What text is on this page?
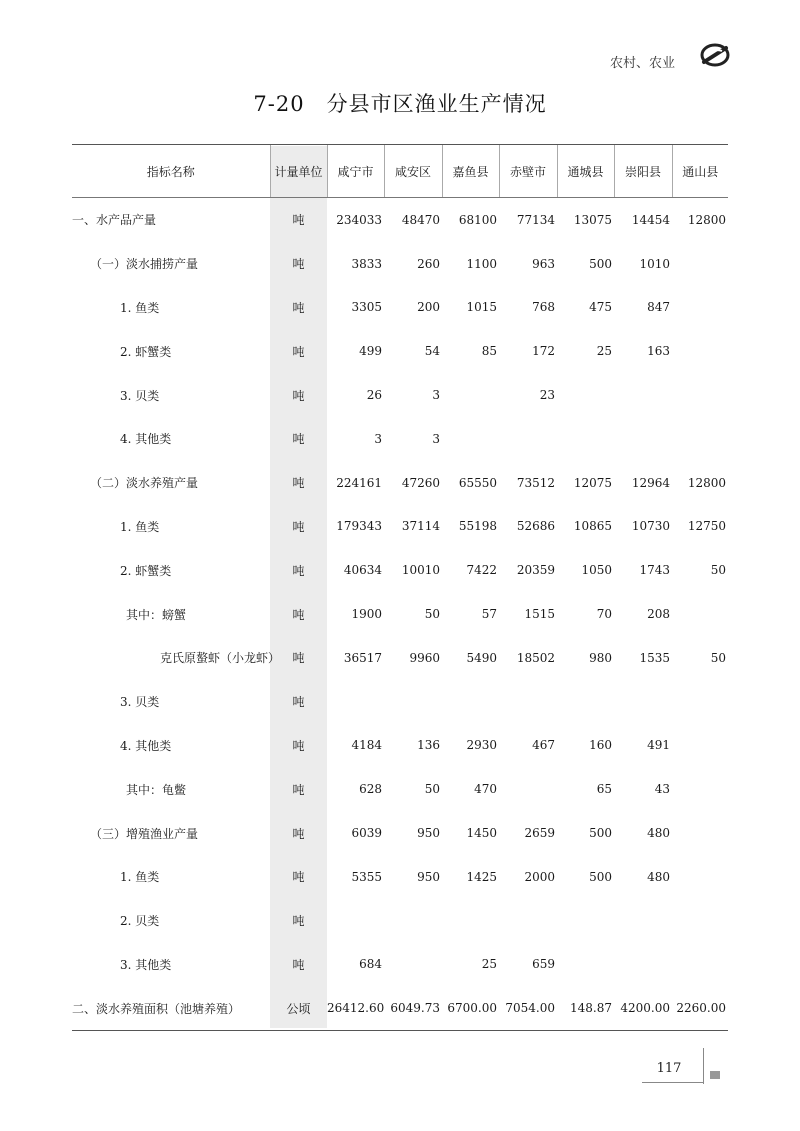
农村、农业
7-20　分县市区渔业生产情况
指标名称	计量单位	咸宁市	咸安区	嘉鱼县	赤壁市	通城县	崇阳县	通山县
一、水产品产量	吨	234033	48470	68100	77134	13075	14454	12800
（一）淡水捕捞产量	吨	3833	260	1100	963	500	1010	
1. 鱼类	吨	3305	200	1015	768	475	847	
2. 虾蟹类	吨	499	54	85	172	25	163	
3. 贝类	吨	26	3		23			
4. 其他类	吨	3	3					
（二）淡水养殖产量	吨	224161	47260	65550	73512	12075	12964	12800
1. 鱼类	吨	179343	37114	55198	52686	10865	10730	12750
2. 虾蟹类	吨	40634	10010	7422	20359	1050	1743	50
其中：螃蟹	吨	1900	50	57	1515	70	208	
克氏原螯虾（小龙虾）	吨	36517	9960	5490	18502	980	1535	50
3. 贝类	吨							
4. 其他类	吨	4184	136	2930	467	160	491	
其中：龟鳖	吨	628	50	470		65	43	
（三）增殖渔业产量	吨	6039	950	1450	2659	500	480	
1. 鱼类	吨	5355	950	1425	2000	500	480	
2. 贝类	吨							
3. 其他类	吨	684		25	659			
二、淡水养殖面积（池塘养殖）	公顷	26412.60	6049.73	6700.00	7054.00	148.87	4200.00	2260.00
117
